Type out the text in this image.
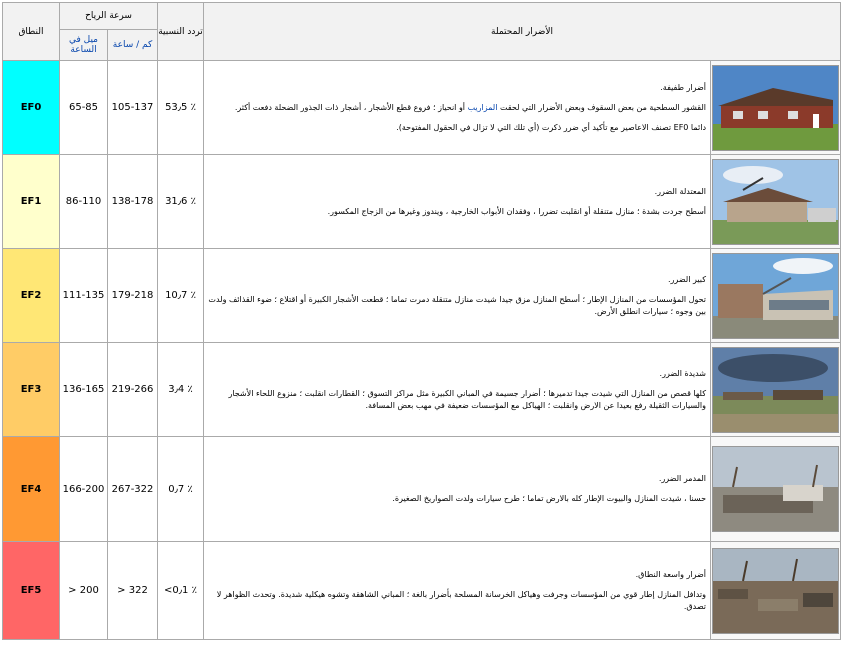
النطاق	سرعة الرياح		تردد النسبية	الأضرار المحتملة	
	ميل في الساعة	كم / ساعة			
EF0	65-85	105-137	53٫5 ٪	أضرار طفيفة.

القشور السطحية من بعض السقوف وبعض الأضرار التي لحقت المزاريب أو انحياز ؛ فروع قطع الأشجار ، أشجار ذات الجذور الضحلة دفعت أكثر.

دائما EF0 تصنف الاعاصير مع تأكيد أي ضرر ذكرت (أي تلك التي لا تزال في الحقول المفتوحة).

EF1	86-110	138-178	31٫6 ٪	المعتدلة الضرر.

أسطح جردت بشدة ؛ منازل متنقلة أو انقلبت تضررا ، وفقدان الأبواب الخارجية ، ويندوز وغيرها من الزجاج المكسور.

EF2	111-135	179-218	10٫7 ٪	كبير الضرر.

تحول المؤسسات من المنازل الإطار ؛ أسطح المنازل مزق جيدا شيدت منازل متنقلة دمرت تماما ؛ قطعت الأشجار الكبيرة أو اقتلاع ؛ ضوء القذائف ولدت بين وجوه ؛ سيارات انطلق الأرض.

EF3	136-165	219-266	3٫4 ٪	شديدة الضرر.

كلها قصص من المنازل التي شيدت جيدا تدميرها ؛ أضرار جسيمة في المباني الكبيرة مثل مراكز التسوق ؛ القطارات انقلبت ؛ منزوع اللحاء الأشجار والسيارات الثقيلة رفع بعيدا عن الارض وانقلبت ؛ الهياكل مع المؤسسات ضعيفة في مهب بعض المسافة.

EF4	166-200	267-322	0٫7 ٪	المدمر الضرر.

حسنا ، شيدت المنازل والبيوت الإطار كله بالارض تماما ؛ طرح سيارات ولدت الصواريخ الصغيرة.

EF5	> 200	> 322	<0٫1 ٪	أضرار واسعة النطاق.

وتدافل المنازل إطار قوي من المؤسسات وجرفت وهياكل الخرسانة المسلحة بأضرار بالغة ؛ المباني الشاهقة وتشوه هيكلية شديدة. وتحدث الظواهر لا تصدق.
